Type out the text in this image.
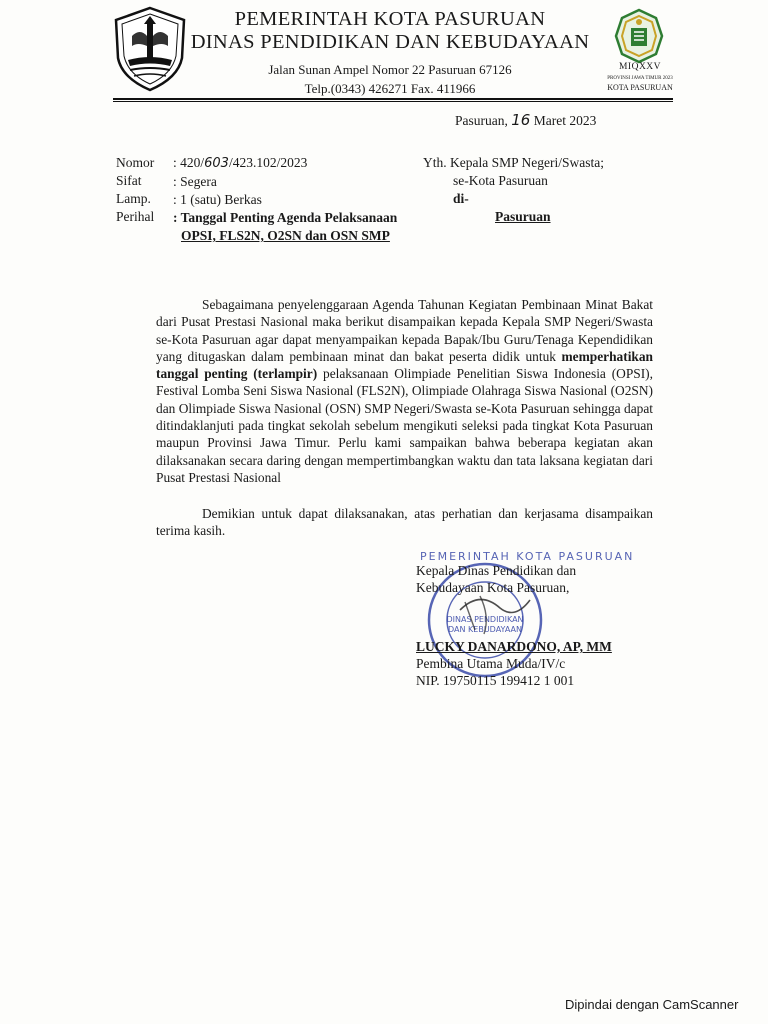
PEMERINTAH KOTA PASURUAN
DINAS PENDIDIKAN DAN KEBUDAYAAN
Jalan Sunan Ampel Nomor 22 Pasuruan 67126
Telp.(0343) 426271 Fax. 411966
MIQXXV
PROVINSI JAWA TIMUR 2023
KOTA PASURUAN
Pasuruan, 16 Maret 2023
Nomor
Sifat
Lamp.
Perihal
: 420/603/423.102/2023
: Segera
: 1 (satu) Berkas
: Tanggal Penting Agenda Pelaksanaan
OPSI, FLS2N, O2SN dan OSN SMP
Yth. Kepala SMP Negeri/Swasta;
se-Kota Pasuruan
di-
Pasuruan
Sebagaimana penyelenggaraan Agenda Tahunan Kegiatan Pembinaan Minat Bakat dari Pusat Prestasi Nasional maka berikut disampaikan kepada Kepala SMP Negeri/Swasta se-Kota Pasuruan agar dapat menyampaikan kepada Bapak/Ibu Guru/Tenaga Kependidikan yang ditugaskan dalam pembinaan minat dan bakat peserta didik untuk memperhatikan tanggal penting (terlampir) pelaksanaan Olimpiade Penelitian Siswa Indonesia (OPSI), Festival Lomba Seni Siswa Nasional (FLS2N), Olimpiade Olahraga Siswa Nasional (O2SN) dan Olimpiade Siswa Nasional (OSN) SMP Negeri/Swasta se-Kota Pasuruan sehingga dapat ditindaklanjuti pada tingkat sekolah sebelum mengikuti seleksi pada tingkat Kota Pasuruan maupun Provinsi Jawa Timur. Perlu kami sampaikan bahwa beberapa kegiatan akan dilaksanakan secara daring dengan mempertimbangkan waktu dan tata laksana kegiatan dari Pusat Prestasi Nasional
Demikian untuk dapat dilaksanakan, atas perhatian dan kerjasama disampaikan terima kasih.
PEMERINTAH KOTA PASURUAN
DINAS PENDIDIKAN
DAN KEBUDAYAAN
Kepala Dinas Pendidikan dan
Kebudayaan Kota Pasuruan,
LUCKY DANARDONO, AP, MM
Pembina Utama Muda/IV/c
NIP. 19750115 199412 1 001
Dipindai dengan CamScanner
